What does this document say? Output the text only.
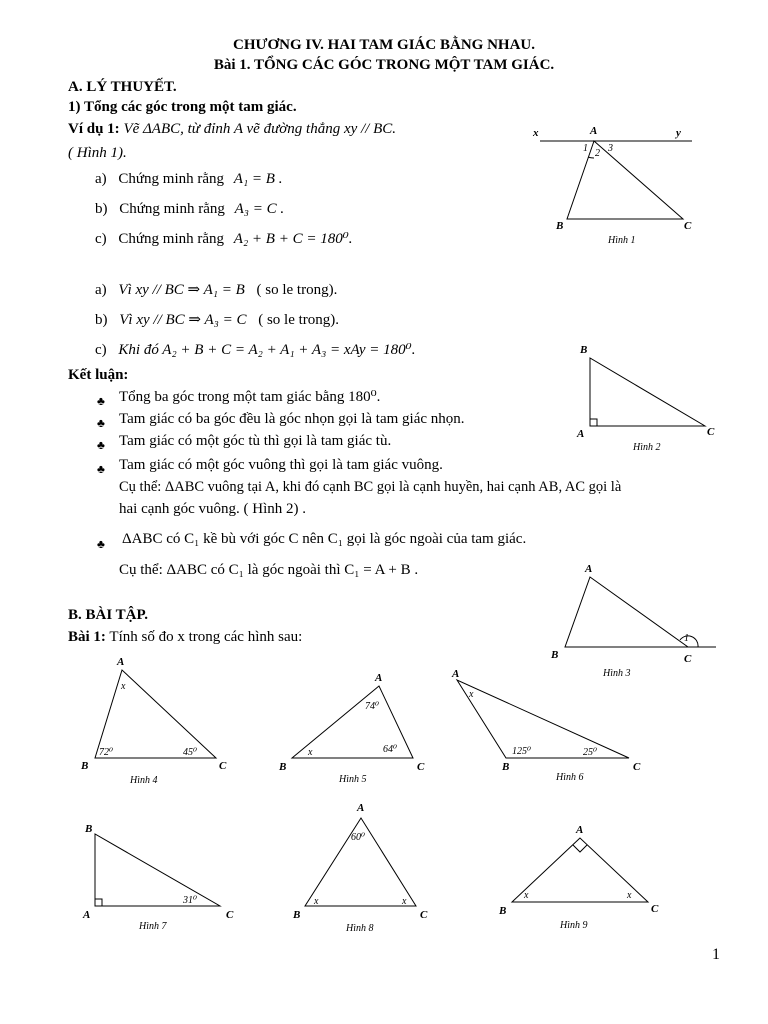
CHƯƠNG IV. HAI TAM GIÁC BẰNG NHAU.
Bài 1. TỔNG CÁC GÓC TRONG MỘT TAM GIÁC.
A. LÝ THUYẾT.
1) Tổng các góc trong một tam giác.
Ví dụ 1: Vẽ ΔABC, từ đỉnh A vẽ đường thẳng xy // BC.
( Hình 1).
a) Chứng minh rằng A₁ = B .
b) Chứng minh rằng A₃ = C .
c) Chứng minh rằng A₂ + B + C = 180⁰.
a) Vì xy // BC ⇒ A₁ = B ( so le trong).
b) Vì xy // BC ⇒ A₃ = C ( so le trong).
c) Khi đó A₂ + B + C = A₂ + A₁ + A₃ = xAy = 180⁰.
Kết luận:
♣ Tổng ba góc trong một tam giác bằng 180⁰.
♣ Tam giác có ba góc đều là góc nhọn gọi là tam giác nhọn.
♣ Tam giác có một góc tù thì gọi là tam giác tù.
♣ Tam giác có một góc vuông thì gọi là tam giác vuông.
Cụ thể: ΔABC vuông tại A, khi đó cạnh BC gọi là cạnh huyền, hai cạnh AB, AC gọi là
hai cạnh góc vuông. ( Hình 2) .
♣ ΔABC có C₁ kề bù với góc C nên C₁ gọi là góc ngoài của tam giác.
Cụ thể: ΔABC có C₁ là góc ngoài thì C₁ = A + B .
B. BÀI TẬP.
Bài 1: Tính số đo x trong các hình sau:
1
x	A	y
1 2 3
B	C
Hình 1
B
A	C
Hình 2
A
B	C
1
Hình 3
A
x
72⁰	45⁰
B	C
Hình 4
A
74⁰
x	64⁰
B	C
Hình 5
A
x
125⁰	25⁰
B	C
Hình 6
B
31⁰
A	C
Hình 7
A
60⁰
x	x
B	C
Hình 8
A
x	x
B	C
Hình 9
